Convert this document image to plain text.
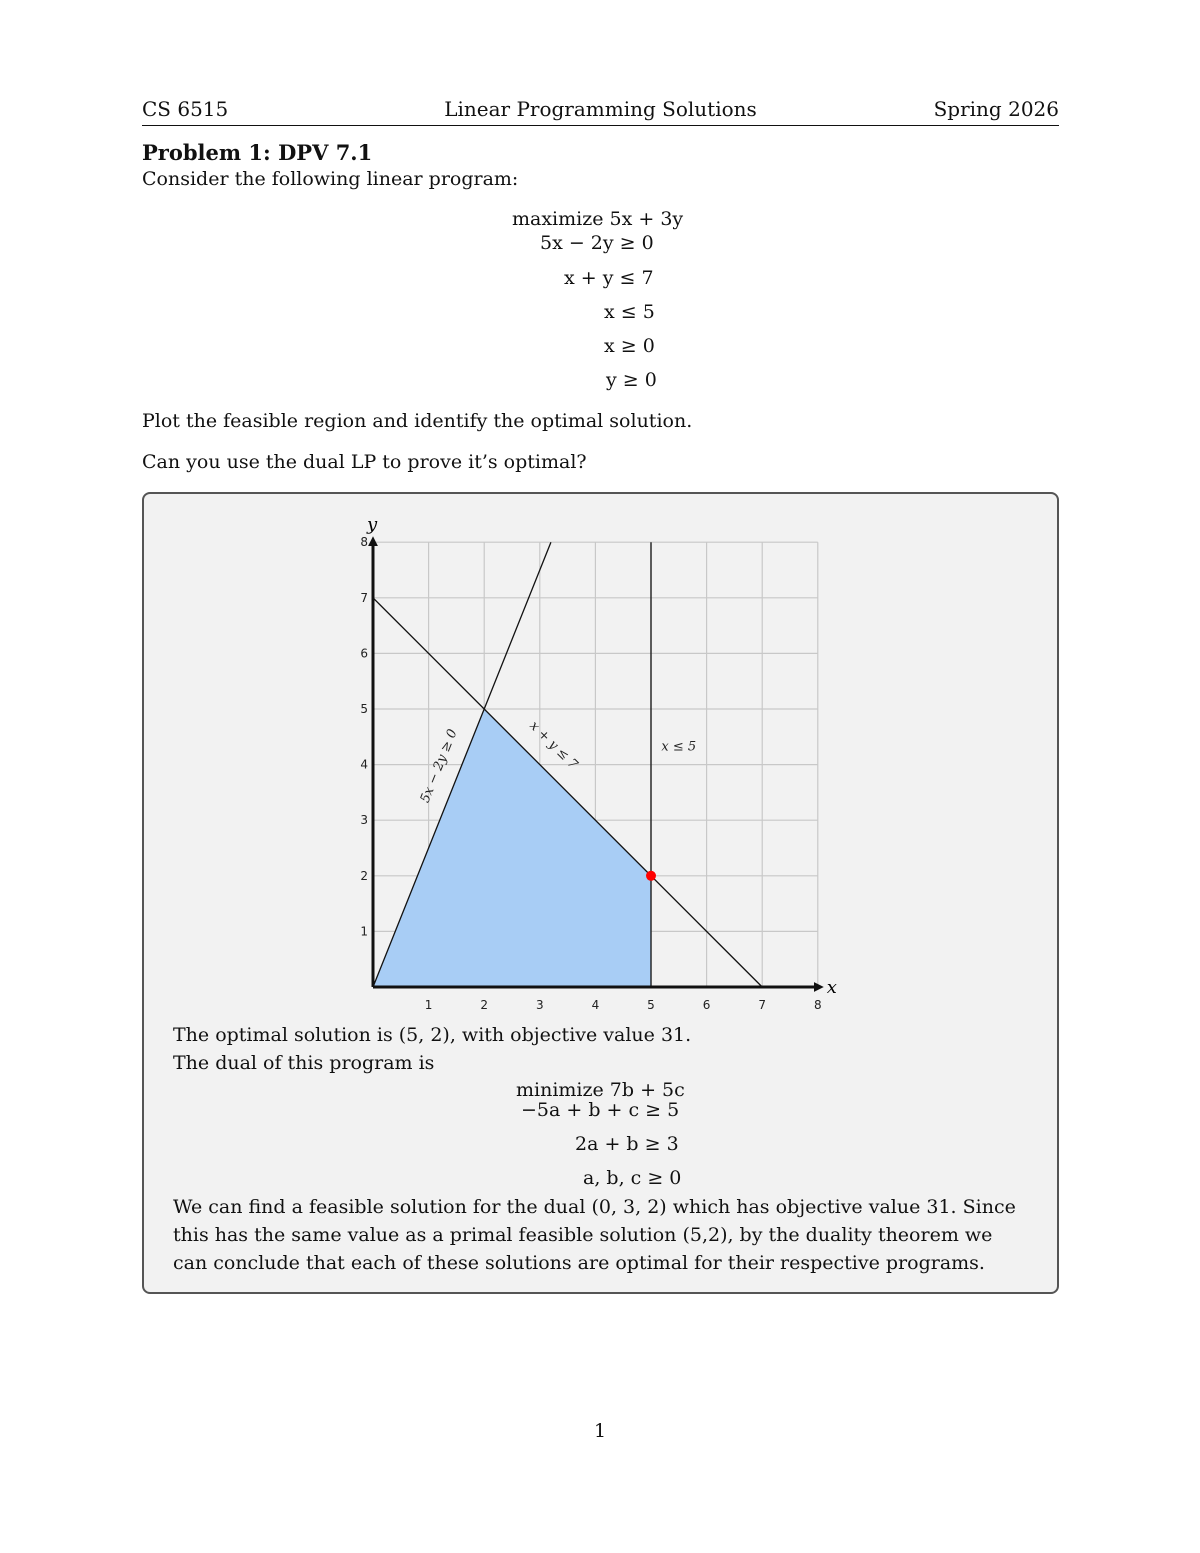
CS 6515	Linear Programming Solutions	Spring 2026
Problem 1: DPV 7.1
Consider the following linear program:
maximize 5x + 3y
5x − 2y ≥ 0
x + y ≤ 7
x ≤ 5
x ≥ 0
y ≥ 0
Plot the feasible region and identify the optimal solution.
Can you use the dual LP to prove it’s optimal?
1	2	3	4	5	6	7	8
1
2
3
4
5
6
7
8
x
y
5x − 2y ≥ 0	x + y ≤ 7	x ≤ 5
The optimal solution is (5, 2), with objective value 31.
The dual of this program is
minimize 7b + 5c
−5a + b + c ≥ 5
2a + b ≥ 3
a, b, c ≥ 0
We can find a feasible solution for the dual (0, 3, 2) which has objective value 31. Since
this has the same value as a primal feasible solution (5,2), by the duality theorem we
can conclude that each of these solutions are optimal for their respective programs.
1
